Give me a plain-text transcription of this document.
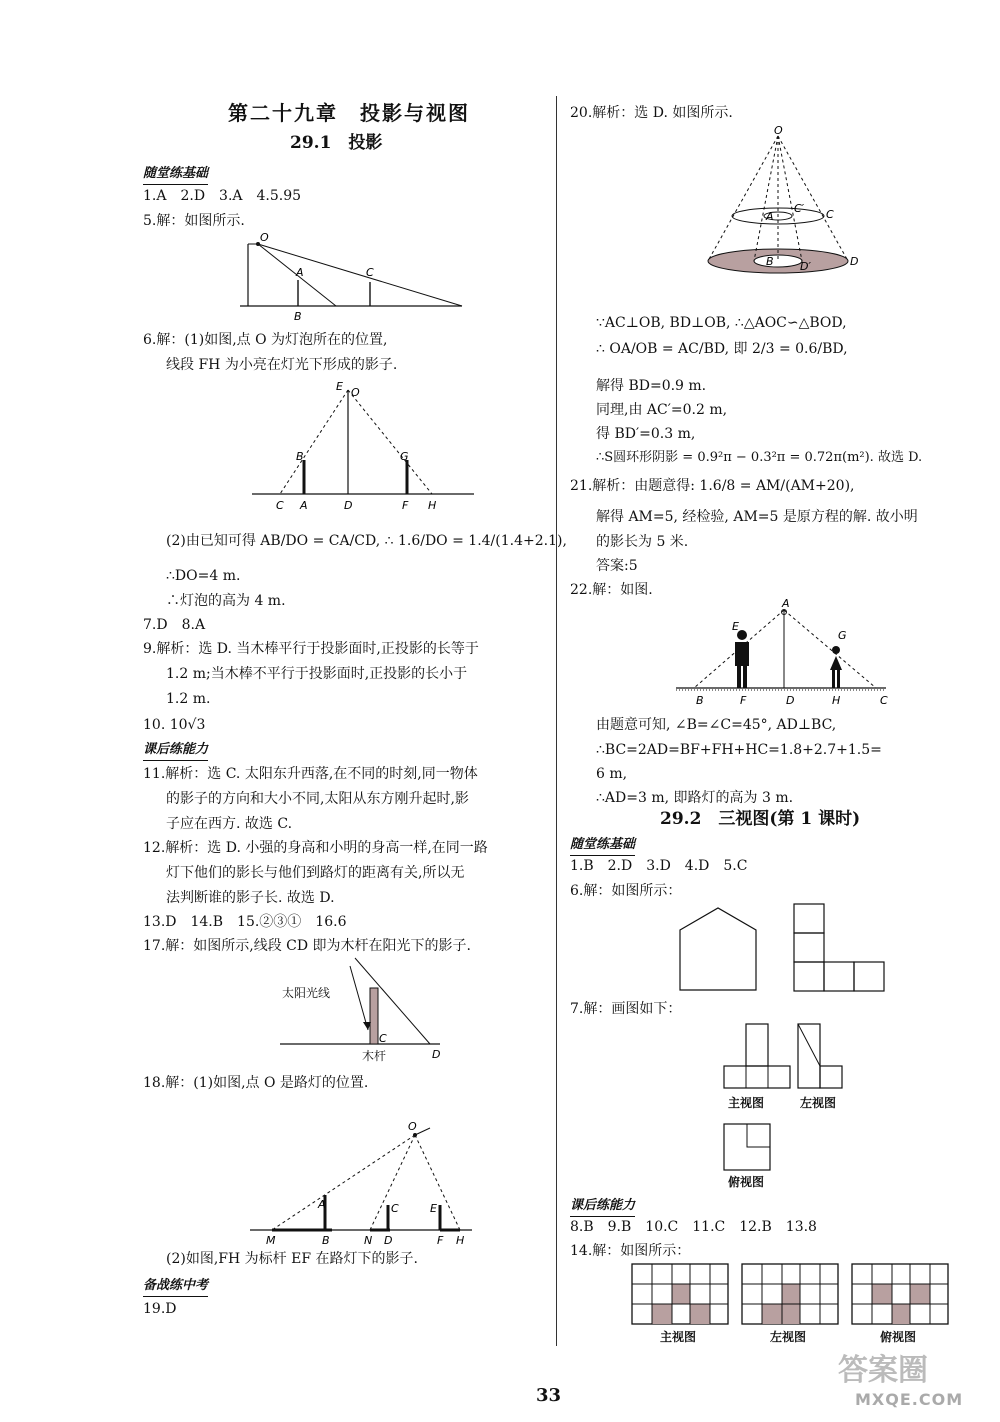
第二十九章　投影与视图
29.1　投影
随堂练基础
1.A　2.D　3.A　4.5.95
5.解：如图所示.
O
A	C
B
6.解：(1)如图,点 O 为灯泡所在的位置,
线段 FH 为小亮在灯光下形成的影子.
E O
B	G
C A	D	F H
(2)由已知可得 AB/DO = CA/CD, ∴ 1.6/DO = 1.4/(1.4+2.1),
∴DO=4 m.
∴灯泡的高为 4 m.
7.D　8.A
9.解析：选 D. 当木棒平行于投影面时,正投影的长等于
1.2 m;当木棒不平行于投影面时,正投影的长小于
1.2 m.
10. 10√3
课后练能力
11.解析：选 C. 太阳东升西落,在不同的时刻,同一物体
的影子的方向和大小不同,太阳从东方刚升起时,影
子应在西方. 故选 C.
12.解析：选 D. 小强的身高和小明的身高一样,在同一路
灯下他们的影长与他们到路灯的距离有关,所以无
法判断谁的影子长. 故选 D.
13.D　14.B　15.②③①　16.6
17.解：如图所示,线段 CD 即为木杆在阳光下的影子.
C
D
太阳光线
木杆
18.解：(1)如图,点 O 是路灯的位置.
O
A	C	E
M	B	N D	F H
(2)如图,FH 为标杆 EF 在路灯下的影子.
备战练中考
19.D
20.解析：选 D. 如图所示.
O
A
C′ C
B D′	D
∵AC⊥OB, BD⊥OB, ∴△AOC∽△BOD,
∴ OA/OB = AC/BD, 即 2/3 = 0.6/BD,
解得 BD=0.9 m.
同理,由 AC′=0.2 m,
得 BD′=0.3 m,
∴S圆环形阴影 = 0.9²π − 0.3²π = 0.72π(m²). 故选 D.
21.解析：由题意得: 1.6/8 = AM/(AM+20),
解得 AM=5, 经检验, AM=5 是原方程的解. 故小明
的影长为 5 米.
答案:5
22.解：如图.
A
E
G
B	F	D	H	C
由题意可知, ∠B=∠C=45°, AD⊥BC,
∴BC=2AD=BF+FH+HC=1.8+2.7+1.5=
6 m,
∴AD=3 m, 即路灯的高为 3 m.
29.2　三视图(第 1 课时)
随堂练基础
1.B　2.D　3.D　4.D　5.C
6.解：如图所示：
7.解：画图如下：
主视图	左视图
俯视图
课后练能力
8.B　9.B　10.C　11.C　12.B　13.8
14.解：如图所示：
主视图	左视图	俯视图
33
答案圈
MXQE.COM
